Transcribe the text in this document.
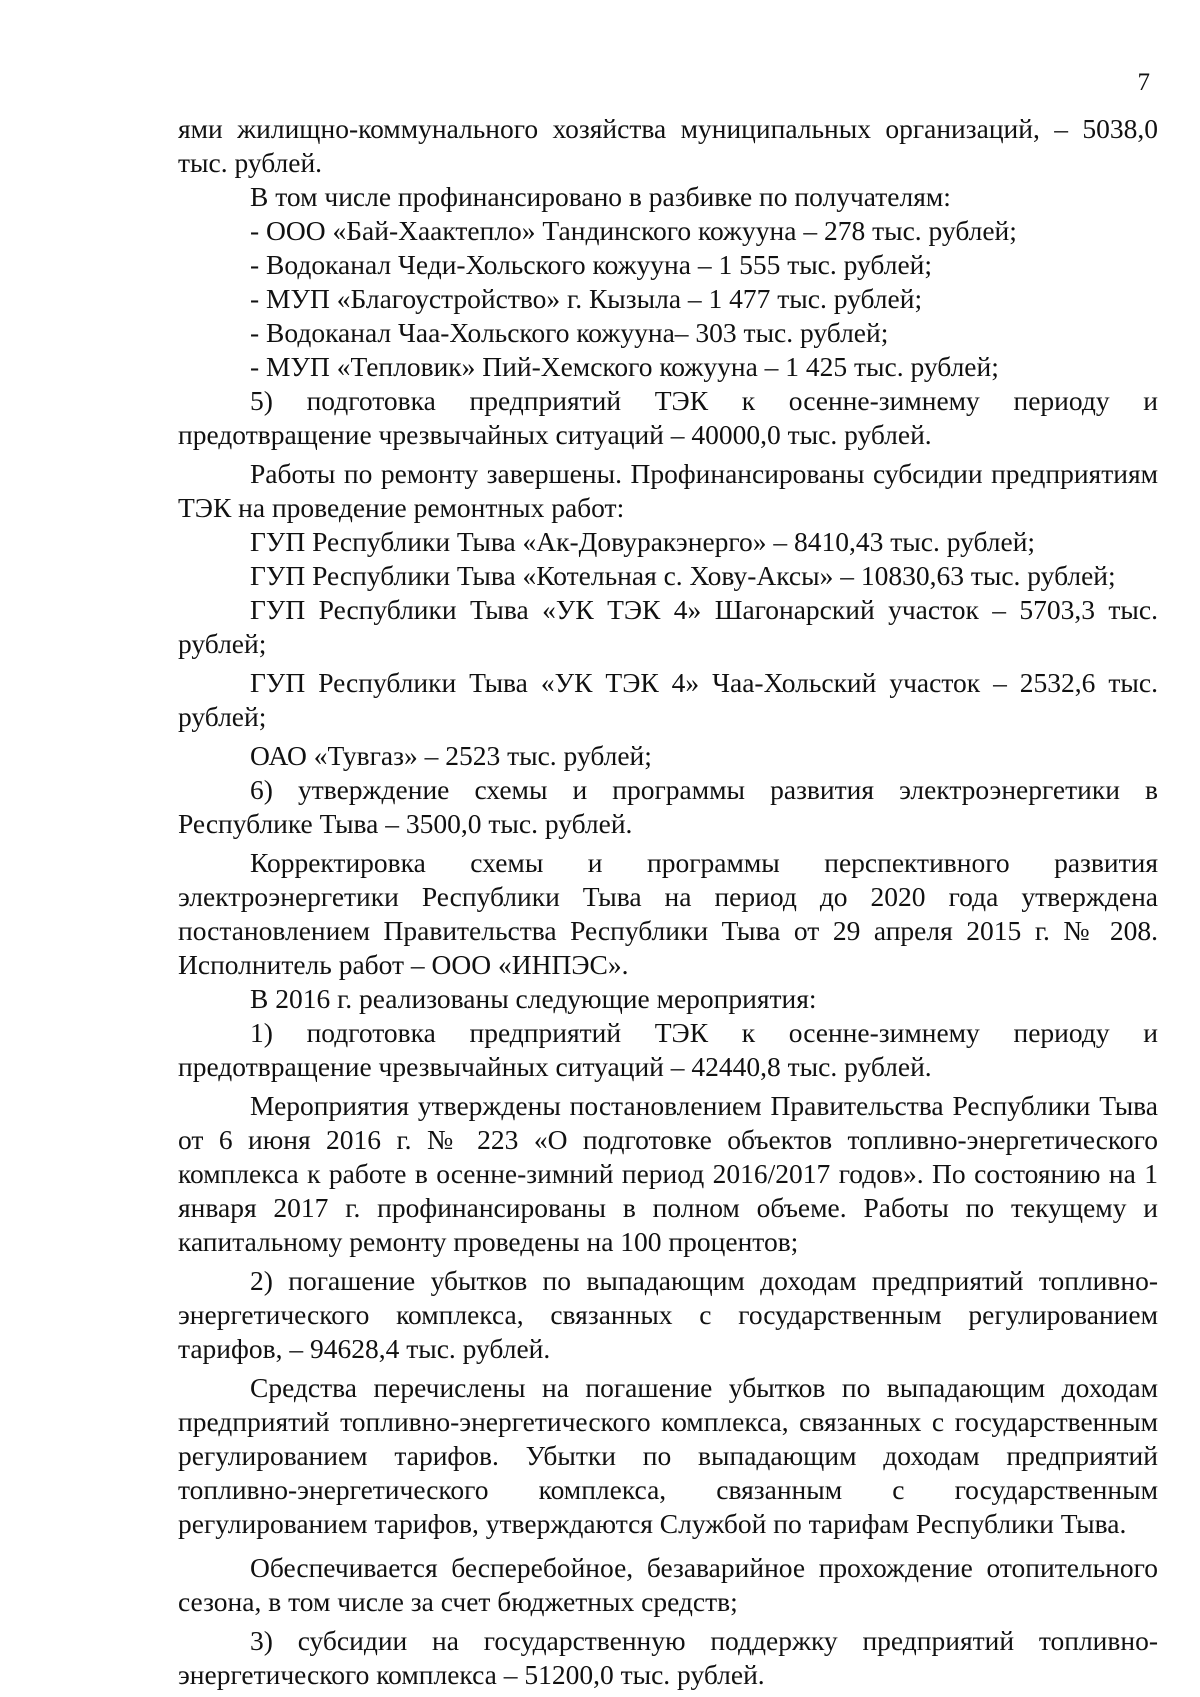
7

ями жилищно-коммунального хозяйства муниципальных организаций, – 5038,0 тыс. рублей.

В том числе профинансировано в разбивке по получателям:

- ООО «Бай-Хаактепло» Тандинского кожууна – 278 тыс. рублей;

- Водоканал Чеди-Хольского кожууна – 1 555 тыс. рублей;

- МУП «Благоустройство» г. Кызыла – 1 477 тыс. рублей;

- Водоканал Чаа-Хольского кожууна– 303 тыс. рублей;

- МУП «Тепловик» Пий-Хемского кожууна – 1 425 тыс. рублей;

5) подготовка предприятий ТЭК к осенне-зимнему периоду и предотвращение чрезвычайных ситуаций – 40000,0 тыс. рублей.

Работы по ремонту завершены. Профинансированы субсидии предприятиям ТЭК на проведение ремонтных работ:

ГУП Республики Тыва «Ак-Довуракэнерго» – 8410,43 тыс. рублей;

ГУП Республики Тыва «Котельная с. Хову-Аксы» – 10830,63 тыс. рублей;

ГУП Республики Тыва «УК ТЭК 4» Шагонарский участок – 5703,3 тыс. рублей;

ГУП Республики Тыва «УК ТЭК 4» Чаа-Хольский участок – 2532,6 тыс. рублей;

ОАО «Тувгаз» – 2523 тыс. рублей;

6) утверждение схемы и программы развития электроэнергетики в Республике Тыва – 3500,0 тыс. рублей.

Корректировка схемы и программы перспективного развития электроэнергетики Республики Тыва на период до 2020 года утверждена постановлением Правительства Республики Тыва от 29 апреля 2015 г. № 208. Исполнитель работ – ООО «ИНПЭС».

В 2016 г. реализованы следующие мероприятия:

1) подготовка предприятий ТЭК к осенне-зимнему периоду и предотвращение чрезвычайных ситуаций – 42440,8 тыс. рублей.

Мероприятия утверждены постановлением Правительства Республики Тыва от 6 июня 2016 г. № 223 «О подготовке объектов топливно-энергетического комплекса к работе в осенне-зимний период 2016/2017 годов». По состоянию на 1 января 2017 г. профинансированы в полном объеме. Работы по текущему и капитальному ремонту проведены на 100 процентов;

2) погашение убытков по выпадающим доходам предприятий топливно-энергетического комплекса, связанных с государственным регулированием тарифов, – 94628,4 тыс. рублей.

Средства перечислены на погашение убытков по выпадающим доходам предприятий топливно-энергетического комплекса, связанных с государственным регулированием тарифов. Убытки по выпадающим доходам предприятий топливно-энергетического комплекса, связанным с государственным регулированием тарифов, утверждаются Службой по тарифам Республики Тыва.

Обеспечивается бесперебойное, безаварийное прохождение отопительного сезона, в том числе за счет бюджетных средств;

3) субсидии на государственную поддержку предприятий топливно-энергетического комплекса – 51200,0 тыс. рублей.
